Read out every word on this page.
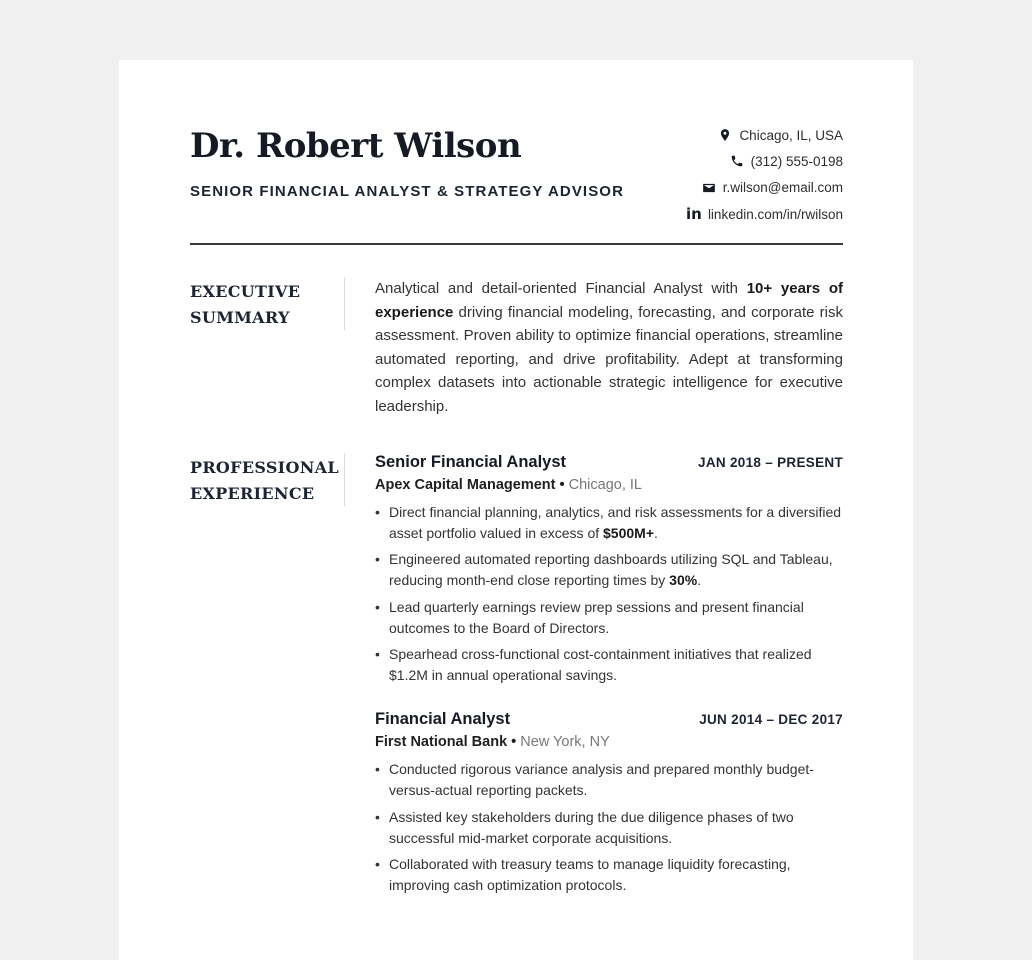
Dr. Robert Wilson
SENIOR FINANCIAL ANALYST & STRATEGY ADVISOR
Chicago, IL, USA
(312) 555-0198
r.wilson@email.com
in linkedin.com/in/rwilson
EXECUTIVE
SUMMARY

Analytical and detail-oriented Financial Analyst with 10+ years of experience driving financial modeling, forecasting, and corporate risk assessment. Proven ability to optimize financial operations, streamline automated reporting, and drive profitability. Adept at transforming complex datasets into actionable strategic intelligence for executive leadership.

PROFESSIONAL
EXPERIENCE
Senior Financial Analyst	JAN 2018 – PRESENT
Apex Capital Management • Chicago, IL
• Direct financial planning, analytics, and risk assessments for a diversified asset portfolio valued in excess of $500M+.
• Engineered automated reporting dashboards utilizing SQL and Tableau, reducing month-end close reporting times by 30%.
• Lead quarterly earnings review prep sessions and present financial outcomes to the Board of Directors.
• Spearhead cross-functional cost-containment initiatives that realized $1.2M in annual operational savings.
Financial Analyst	JUN 2014 – DEC 2017
First National Bank • New York, NY
• Conducted rigorous variance analysis and prepared monthly budget-versus-actual reporting packets.
• Assisted key stakeholders during the due diligence phases of two successful mid-market corporate acquisitions.
• Collaborated with treasury teams to manage liquidity forecasting, improving cash optimization protocols.
